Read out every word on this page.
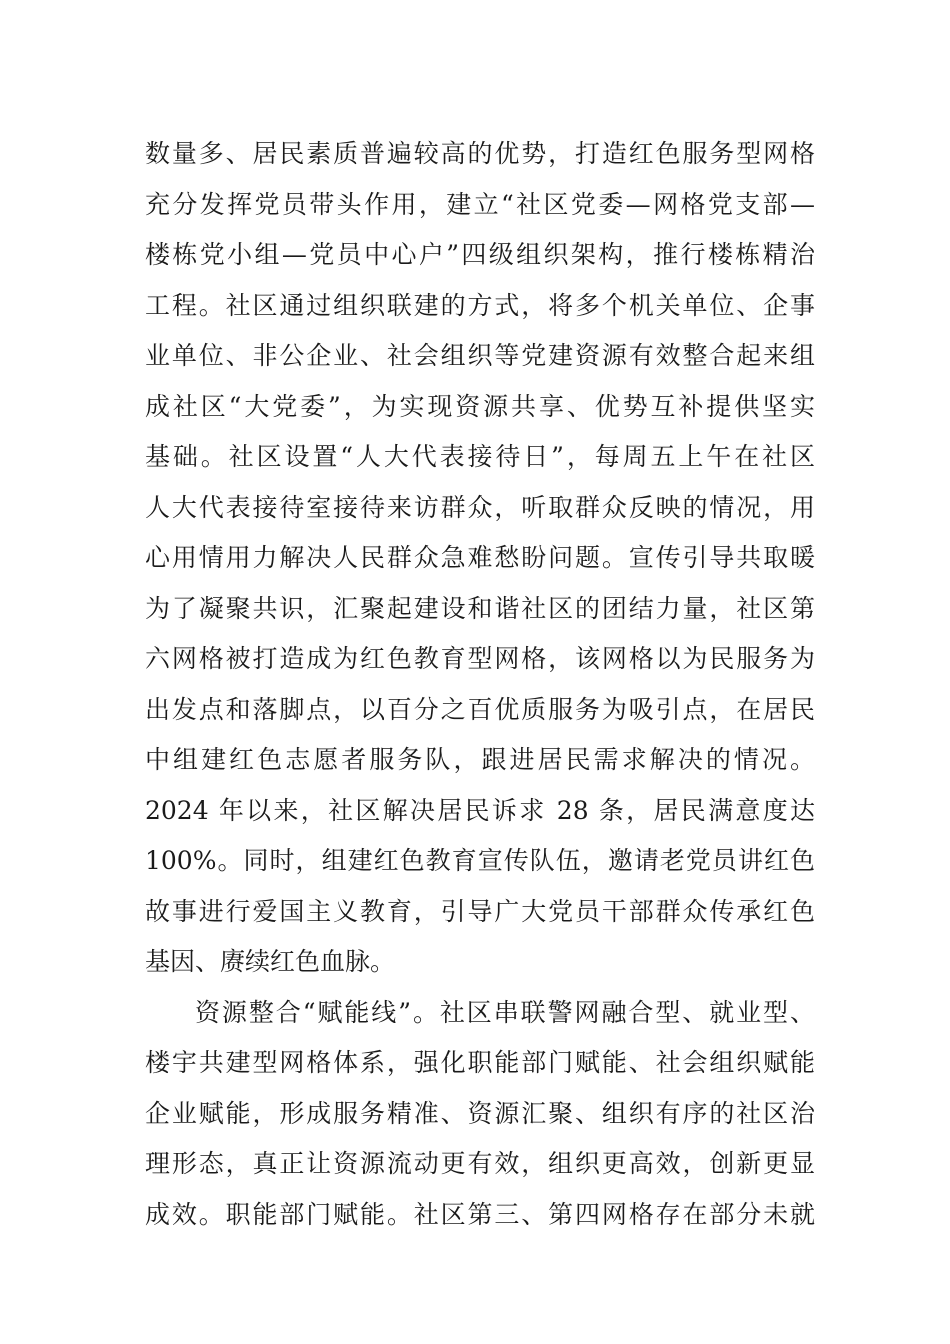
数量多、居民素质普遍较高的优势，打造红色服务型网格
充分发挥党员带头作用，建立“社区党委—网格党支部—
楼栋党小组—党员中心户”四级组织架构，推行楼栋精治
工程。社区通过组织联建的方式，将多个机关单位、企事
业单位、非公企业、社会组织等党建资源有效整合起来组
成社区“大党委”，为实现资源共享、优势互补提供坚实
基础。社区设置“人大代表接待日”，每周五上午在社区
人大代表接待室接待来访群众，听取群众反映的情况，用
心用情用力解决人民群众急难愁盼问题。宣传引导共取暖
为了凝聚共识，汇聚起建设和谐社区的团结力量，社区第
六网格被打造成为红色教育型网格，该网格以为民服务为
出发点和落脚点，以百分之百优质服务为吸引点，在居民
中组建红色志愿者服务队，跟进居民需求解决的情况。
2024 年以来，社区解决居民诉求 28 条，居民满意度达
100%。同时，组建红色教育宣传队伍，邀请老党员讲红色
故事进行爱国主义教育，引导广大党员干部群众传承红色
基因、赓续红色血脉。
资源整合“赋能线”。社区串联警网融合型、就业型、
楼宇共建型网格体系，强化职能部门赋能、社会组织赋能
企业赋能，形成服务精准、资源汇聚、组织有序的社区治
理形态，真正让资源流动更有效，组织更高效，创新更显
成效。职能部门赋能。社区第三、第四网格存在部分未就
